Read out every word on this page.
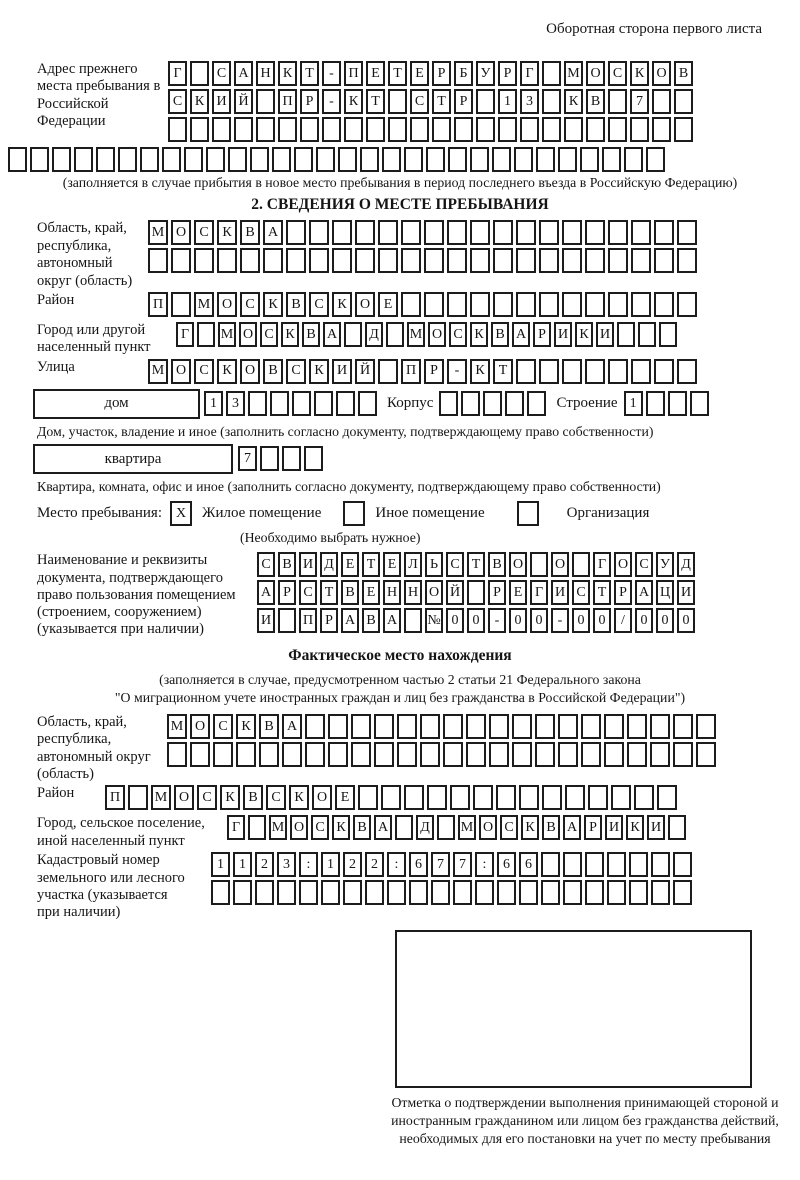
Оборотная сторона первого листа
Адрес прежнего места пребывания в Российской Федерации
Г	С А Н К Т	-	П Е Т Е Р	Б У Р	Г	М О С К О В
С К И Й	П Р	-	К Т	С Т Р	1	3	К В	7
(заполняется в случае прибытия в новое место пребывания в период последнего въезда в Российскую Федерацию)
2. СВЕДЕНИЯ О МЕСТЕ ПРЕБЫВАНИЯ
Область, край, республика, автономный округ (область)
М О С К В А
Район	П	М О С К В С К О Е
Город или другой населенный пункт
Г	М О С К В А	Д	М О С К В А Р И К И
Улица	М О С К О В С К И Й	П	Р	-	К	Т
дом	1	3	Корпус	Строение 1
Дом, участок, владение и иное (заполнить согласно документу, подтверждающему право собственности)
квартира	7
Квартира, комната, офис и иное (заполнить согласно документу, подтверждающему право собственности)
Место пребывания: X	Жилое помещение	Иное помещение	Организация
(Необходимо выбрать нужное)
Наименование и реквизиты документа, подтверждающего право пользования помещением (строением, сооружением) (указывается при наличии)
С В И Д Е Т Е Л Ь С Т В О О	Г О С У Д
А Р С Т В Е Н Н О Й	Р Е Г И С Т Р А Ц И
И П Р А В А № 0	0	-	0	0	-	0	0	/	0	0	0
Фактическое место нахождения
(заполняется в случае, предусмотренном частью 2 статьи 21 Федерального закона
"О миграционном учете иностранных граждан и лиц без гражданства в Российской Федерации")
Область, край, республика, автономный округ (область)
М О С К В А
Район	П	М О С К В С К О Е
Город, сельское поселение, иной населенный пункт
Г	М О С К В А	Д	М О С К В А Р И К И
Кадастровый номер земельного или лесного участка (указывается при наличии)
1	1	2	3	:	1	2	2	:	6	7	7	:	6	6
Отметка о подтверждении выполнения принимающей стороной и иностранным гражданином или лицом без гражданства действий, необходимых для его постановки на учет по месту пребывания
